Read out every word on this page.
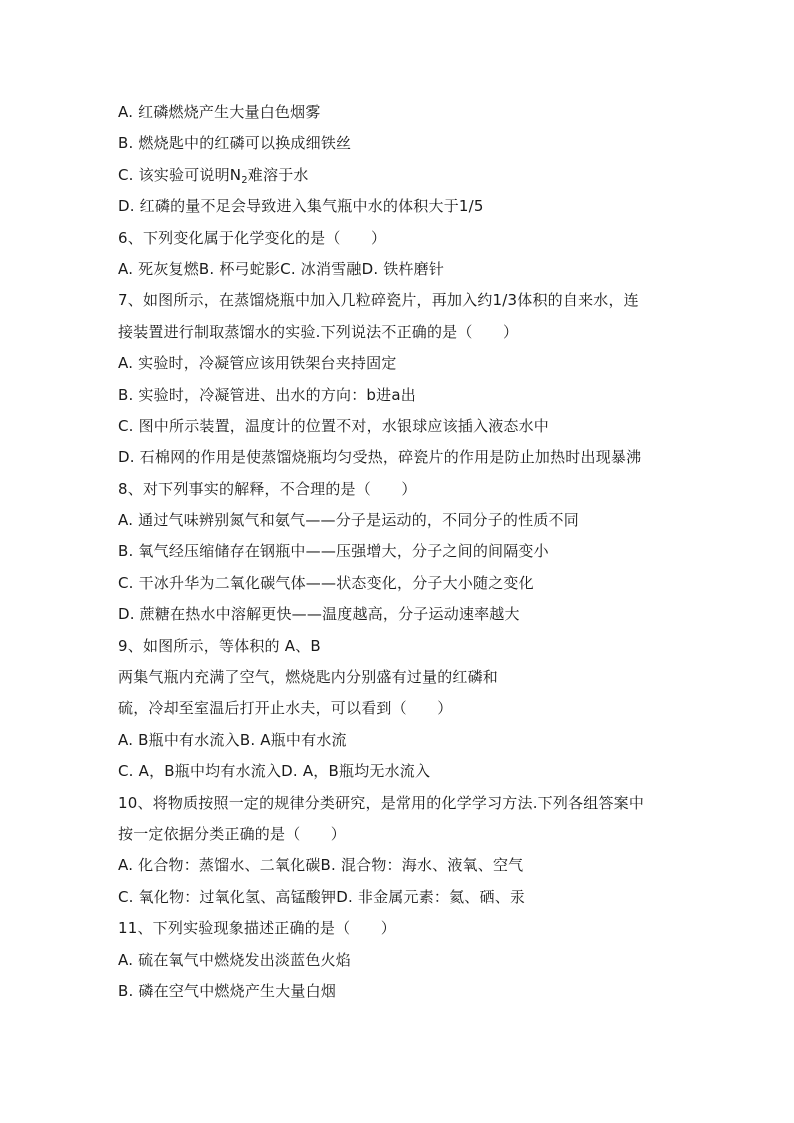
A. 红磷燃烧产生大量白色烟雾
B. 燃烧匙中的红磷可以换成细铁丝
C. 该实验可说明$N_2$难溶于水
D. 红磷的量不足会导致进入集气瓶中水的体积大于1/5
6、下列变化属于化学变化的是（　　）
A. 死灰复燃B. 杯弓蛇影C. 冰消雪融D. 铁杵磨针
7、如图所示，在蒸馏烧瓶中加入几粒碎瓷片，再加入约1/3体积的自来水，连
接装置进行制取蒸馏水的实验.下列说法不正确的是（　　）
A. 实验时，冷凝管应该用铁架台夹持固定
B. 实验时，冷凝管进、出水的方向：b进a出
C. 图中所示装置，温度计的位置不对，水银球应该插入液态水中
D. 石棉网的作用是使蒸馏烧瓶均匀受热，碎瓷片的作用是防止加热时出现暴沸
8、对下列事实的解释，不合理的是（　　）
A. 通过气味辨别氮气和氨气——分子是运动的，不同分子的性质不同
B. 氧气经压缩储存在钢瓶中——压强增大，分子之间的间隔变小
C. 干冰升华为二氧化碳气体——状态变化，分子大小随之变化
D. 蔗糖在热水中溶解更快——温度越高，分子运动速率越大
9、如图所示，等体积的 A、B
两集气瓶内充满了空气，燃烧匙内分别盛有过量的红磷和
硫，冷却至室温后打开止水夫，可以看到（　　）
A. B瓶中有水流入B. A瓶中有水流
C. A，B瓶中均有水流入D. A，B瓶均无水流入
10、将物质按照一定的规律分类研究，是常用的化学学习方法.下列各组答案中
按一定依据分类正确的是（　　）
A. 化合物：蒸馏水、二氧化碳B. 混合物：海水、液氧、空气
C. 氧化物：过氧化氢、高锰酸钾D. 非金属元素：氦、硒、汞
11、下列实验现象描述正确的是（　　）
A. 硫在氧气中燃烧发出淡蓝色火焰
B. 磷在空气中燃烧产生大量白烟
